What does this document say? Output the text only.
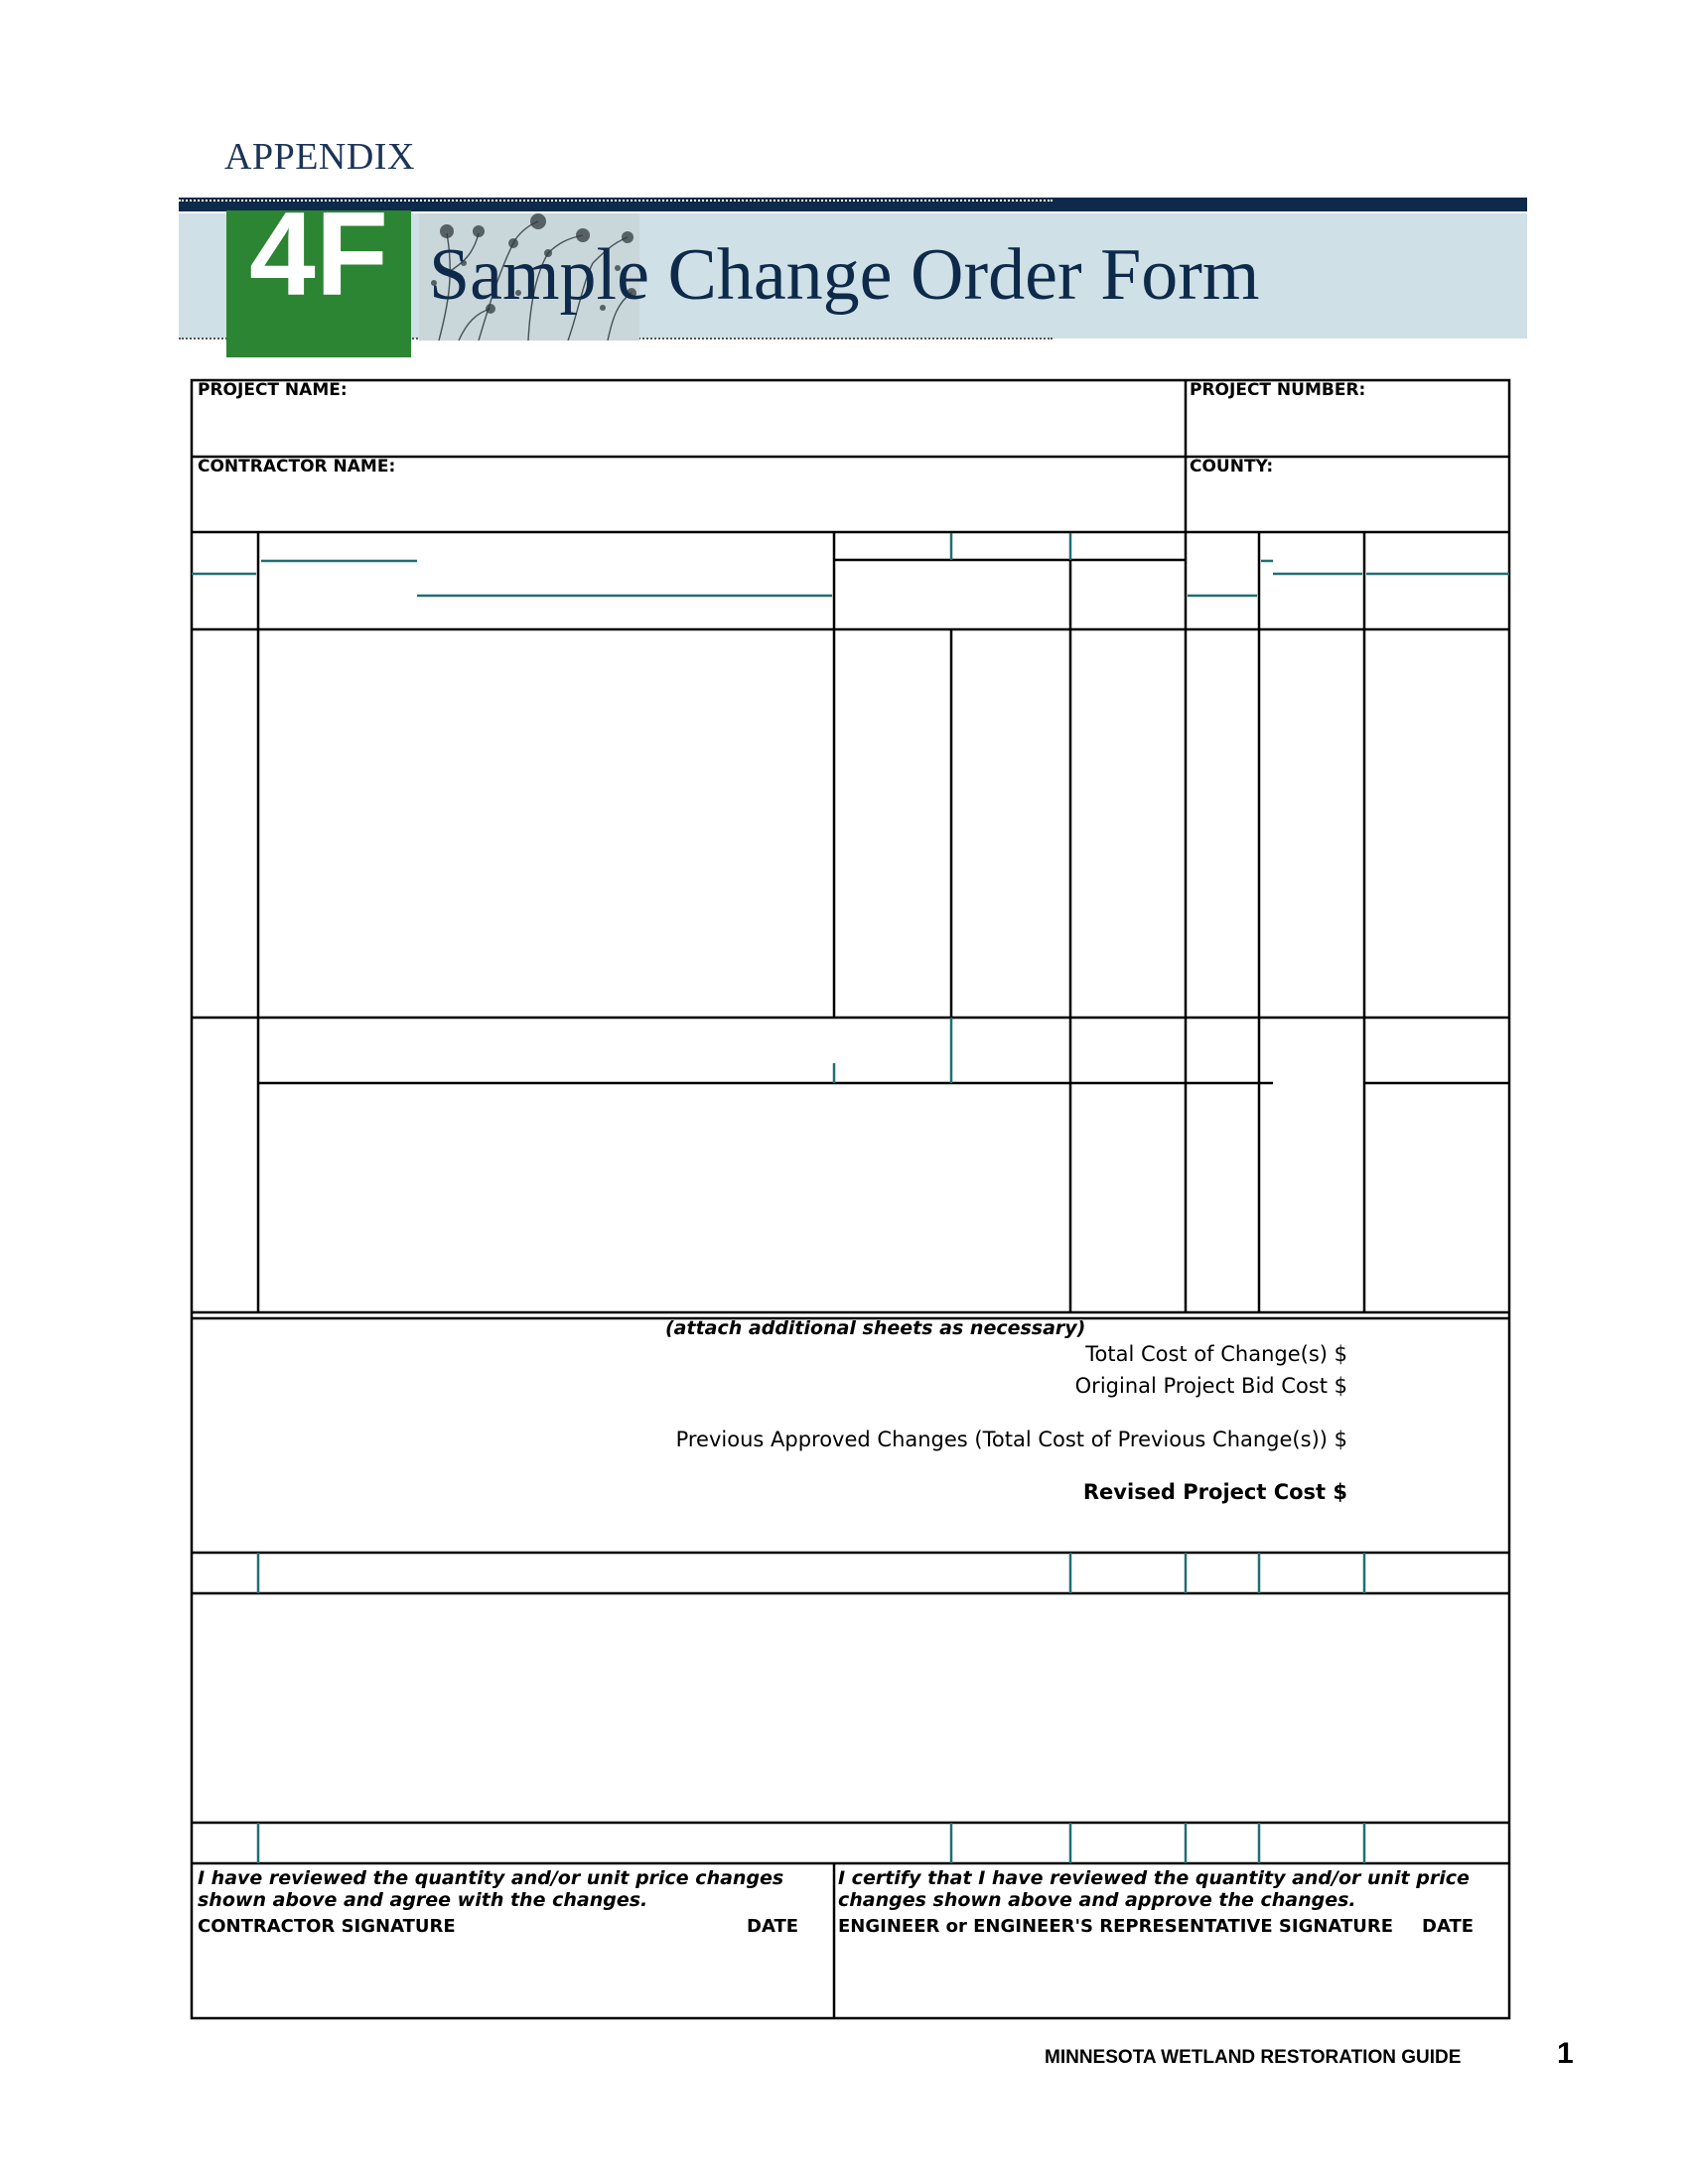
APPENDIX
4F Sample Change Order Form
PROJECT NAME:	PROJECT NUMBER:
CONTRACTOR NAME:	COUNTY:
(attach additional sheets as necessary)
Total Cost of Change(s) $
Original Project Bid Cost $
Previous Approved Changes (Total Cost of Previous Change(s)) $
Revised Project Cost $
I have reviewed the quantity and/or unit price changes shown above and agree with the changes.
CONTRACTOR SIGNATURE	DATE
I certify that I have reviewed the quantity and/or unit price changes shown above and approve the changes.
ENGINEER or ENGINEER'S REPRESENTATIVE SIGNATURE DATE
MINNESOTA WETLAND RESTORATION GUIDE	1
